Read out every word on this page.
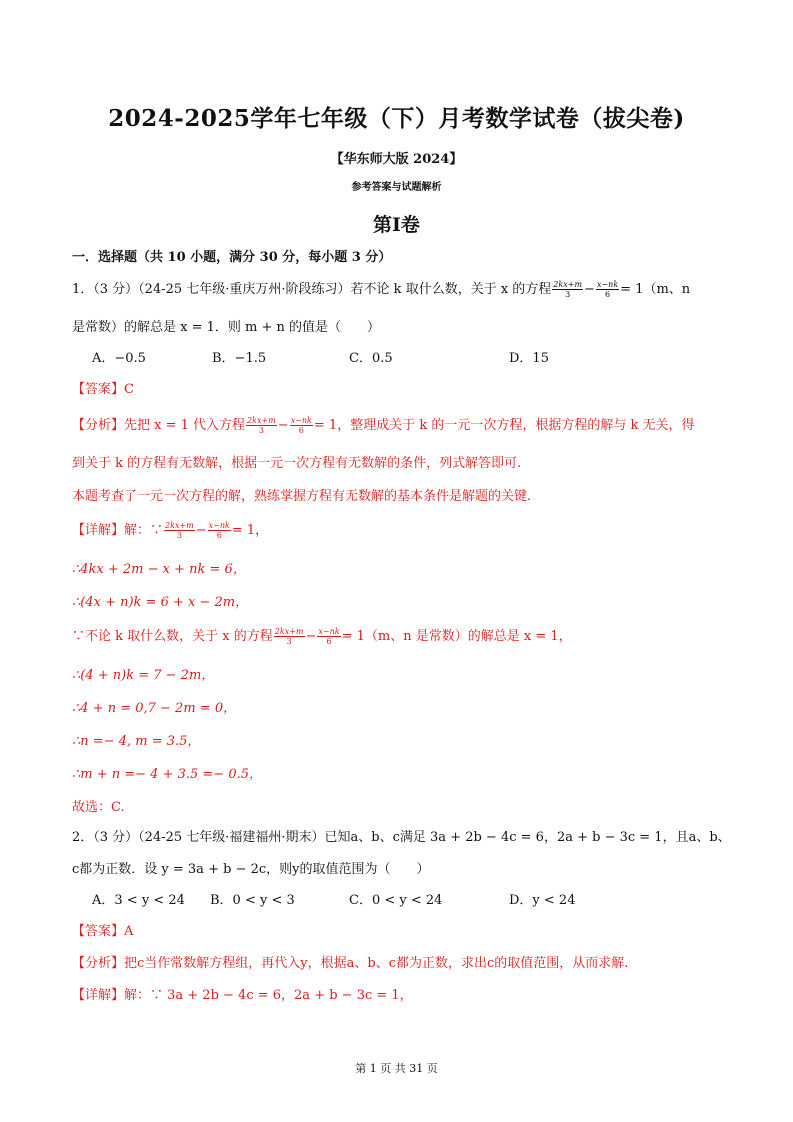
2024-2025学年七年级（下）月考数学试卷（拔尖卷)
【华东师大版 2024】
参考答案与试题解析
第Ⅰ卷
一．选择题（共 10 小题，满分 30 分，每小题 3 分）
1．（3 分）（24-25 七年级·重庆万州·阶段练习）若不论 k 取什么数，关于 x 的方程 $\frac{2kx+m}{3} - \frac{x-nk}{6} = 1(m$、n
是常数）的解总是 x = 1．则 m + n 的值是（　　）
A．−0.5	B．−1.5	C．0.5	D．15
【答案】C
【分析】先把 x = 1 代入方程 $\frac{2kx+m}{3} - \frac{x-nk}{6} = 1$，整理成关于 k 的一元一次方程，根据方程的解与 k 无关，得
到关于 k 的方程有无数解，根据一元一次方程有无数解的条件，列式解答即可.
本题考查了一元一次方程的解，熟练掌握方程有无数解的基本条件是解题的关键.
【详解】解：∵ $\frac{2kx+m}{3} - \frac{x-nk}{6} = 1$，
∴4kx + 2m − x + nk = 6，
∴(4x + n)k = 6 + x − 2m，
∵不论 k 取什么数，关于 x 的方程 $\frac{2kx+m}{3} - \frac{x-nk}{6} = 1(m$、n 是常数）的解总是 x = 1，
∴(4 + n)k = 7 − 2m，
∴4 + n = 0,7 − 2m = 0，
∴n =− 4, m = 3.5，
∴m + n =− 4 + 3.5 =− 0.5，
故选：C.
2．（3 分）（24-25 七年级·福建福州·期末）已知a、b、c满足 3a + 2b − 4c = 6，2a + b − 3c = 1，且a、b、
c都为正数．设 y = 3a + b − 2c，则y的取值范围为（　　）
A．3 < y < 24 B．0 < y < 3	C．0 < y < 24	D．y < 24
【答案】A
【分析】把c当作常数解方程组，再代入y，根据a、b、c都为正数，求出c的取值范围，从而求解.
【详解】解：∵ 3a + 2b − 4c = 6，2a + b − 3c = 1，
第 1 页 共 31 页
